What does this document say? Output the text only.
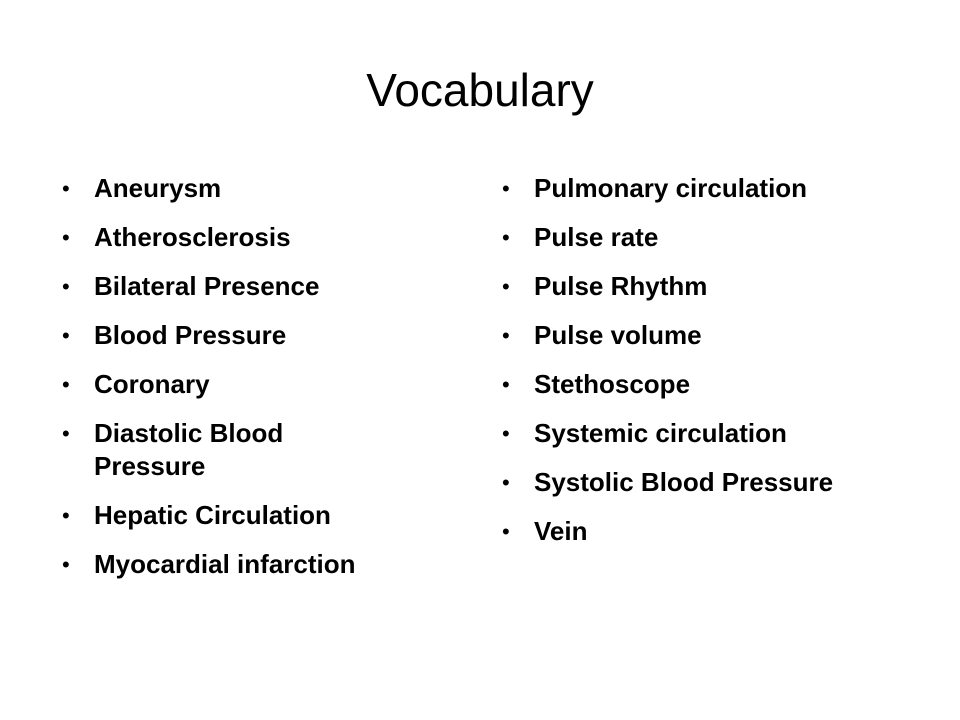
Vocabulary
• Aneurysm
• Atherosclerosis
• Bilateral Presence
• Blood Pressure
• Coronary
• Diastolic Blood Pressure
• Hepatic Circulation
• Myocardial infarction
• Pulmonary circulation
• Pulse rate
• Pulse Rhythm
• Pulse volume
• Stethoscope
• Systemic circulation
• Systolic Blood Pressure
• Vein
